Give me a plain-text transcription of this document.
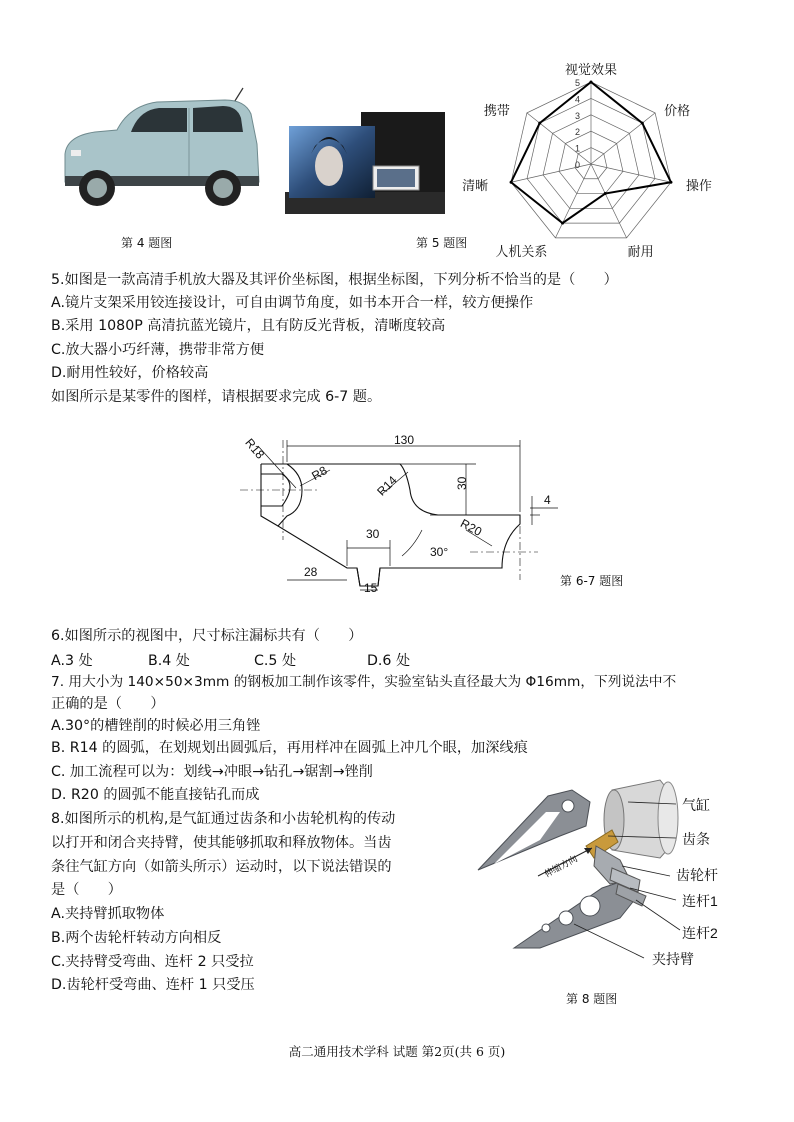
第 4 题图	第 5 题图
5
4
3
2
1
0
视觉效果
价格
操作
耐用
人机关系
清晰
携带
5.如图是一款高清手机放大器及其评价坐标图，根据坐标图，下列分析不恰当的是（　　）
A.镜片支架采用铰连接设计，可自由调节角度，如书本开合一样，较方便操作
B.采用 1080P 高清抗蓝光镜片，且有防反光背板，清晰度较高
C.放大器小巧纤薄，携带非常方便
D.耐用性较好，价格较高
如图所示是某零件的图样，请根据要求完成 6-7 题。
R18
R8
130
R14	30
4
R20
30
30°
28
15	第 6-7 题图
6.如图所示的视图中，尺寸标注漏标共有（　　）
A.3 处	B.4 处	C.5 处	D.6 处
7. 用大小为 140×50×3mm 的钢板加工制作该零件，实验室钻头直径最大为 Φ16mm，下列说法中不
正确的是（　　）
A.30°的槽锉削的时候必用三角锉
B. R14 的圆弧，在划规划出圆弧后，再用样冲在圆弧上冲几个眼，加深线痕
C. 加工流程可以为：划线→冲眼→钻孔→锯割→锉削
D. R20 的圆弧不能直接钻孔而成
8.如图所示的机构,是气缸通过齿条和小齿轮机构的传动
以打开和闭合夹持臂，使其能够抓取和释放物体。当齿
条往气缸方向（如箭头所示）运动时，以下说法错误的
是（　　）
A.夹持臂抓取物体
B.两个齿轮杆转动方向相反
C.夹持臂受弯曲、连杆 2 只受拉
D.齿轮杆受弯曲、连杆 1 只受压
伸缩方向
气缸
齿条
齿轮杆
连杆1
连杆2
夹持臂
第 8 题图
高二通用技术学科 试题 第2页(共 6 页)
